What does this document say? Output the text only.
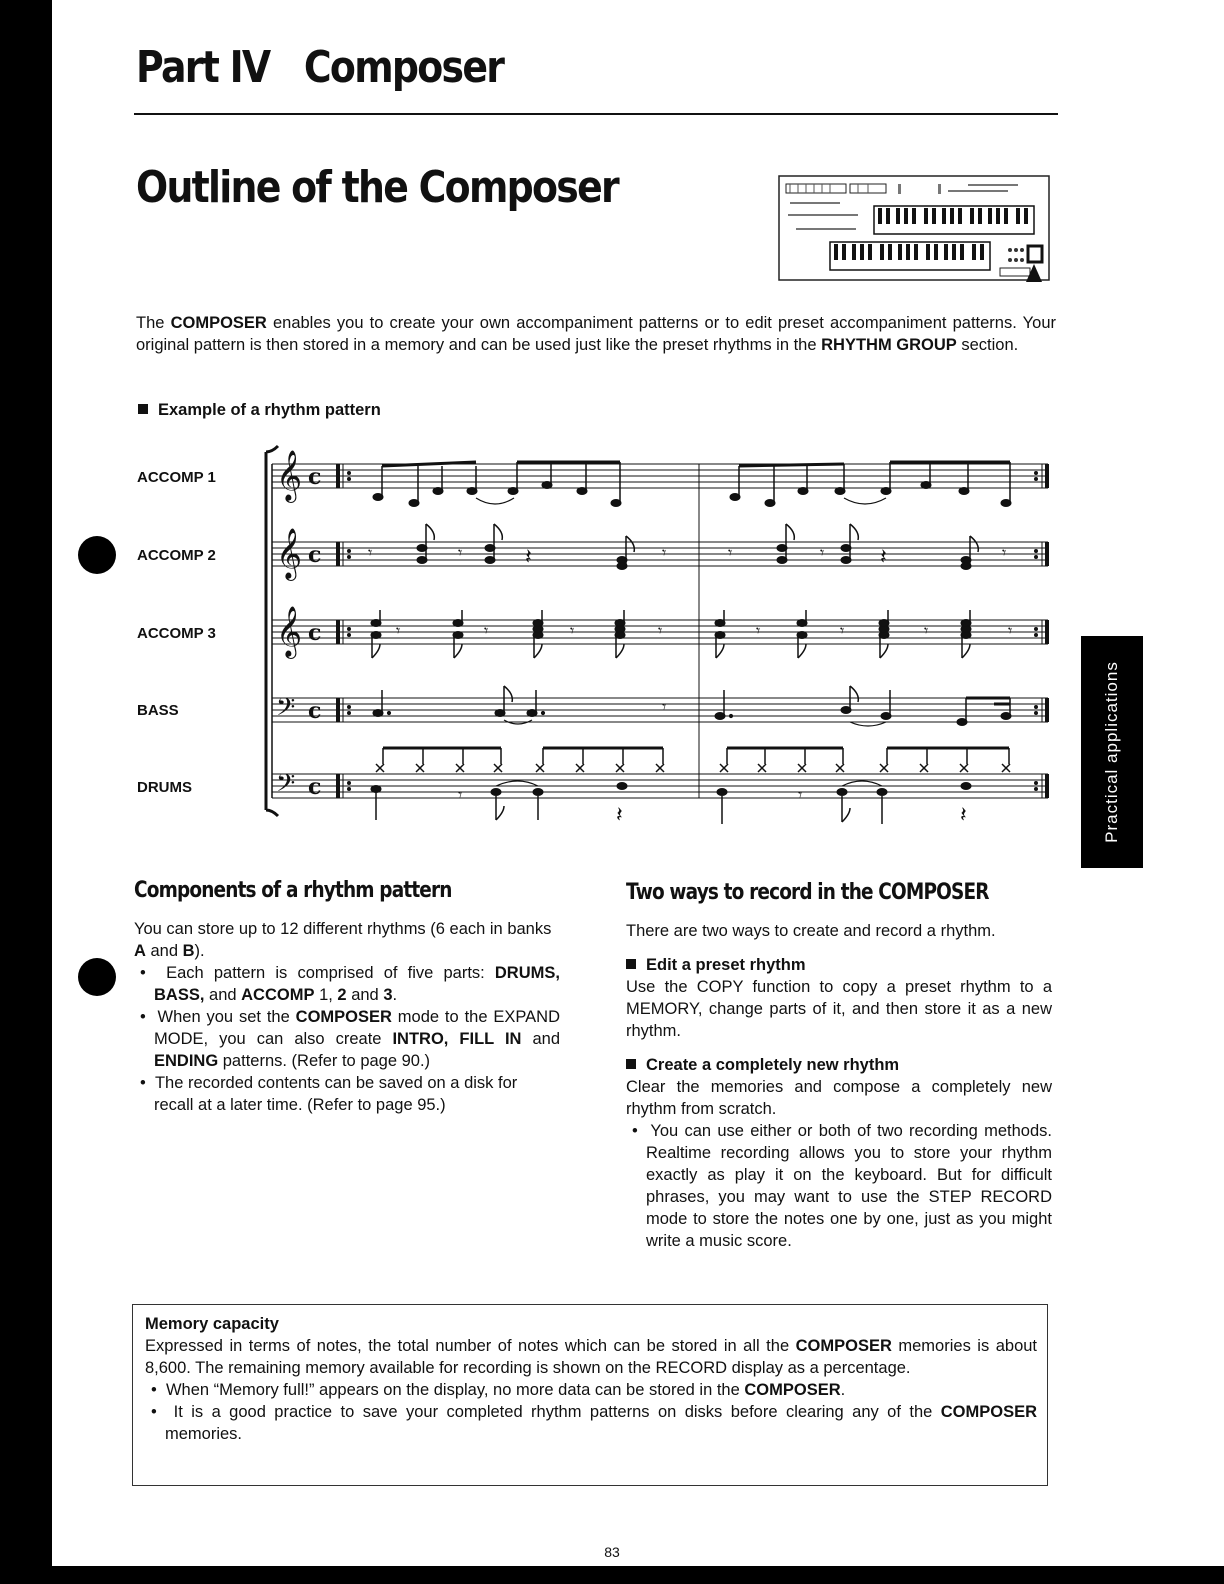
Practical applications
Part IV   Composer
Outline of the Composer
The COMPOSER enables you to create your own accompaniment patterns or to edit preset accompaniment patterns. Your original pattern is then stored in a memory and can be used just like the preset rhythms in the RHYTHM GROUP section.
Example of a rhythm pattern
ACCOMP 1
ACCOMP 2
ACCOMP 3
BASS
DRUMS
𝄞
𝄞
𝄞
𝄢
𝄢
c
c
c
c
c
𝄾	𝄾	𝄾	𝄾	𝄾	𝄾
𝄽	𝄽
𝄾	𝄾	𝄾	𝄾	𝄾	𝄾	𝄾	𝄾
𝄾
𝄾
𝄽
𝄾
𝄽
Components of a rhythm pattern
You can store up to 12 different rhythms (6 each in banks A and B).
•  Each pattern is comprised of five parts: DRUMS, BASS, and ACCOMP 1, 2 and 3.
•  When you set the COMPOSER mode to the EXPAND MODE, you can also create INTRO, FILL IN and ENDING patterns. (Refer to page 90.)
•  The recorded contents can be saved on a disk for recall at a later time. (Refer to page 95.)
Two ways to record in the COMPOSER
There are two ways to create and record a rhythm.
Edit a preset rhythm
Use the COPY function to copy a preset rhythm to a MEMORY, change parts of it, and then store it as a new rhythm.
Create a completely new rhythm
Clear the memories and compose a completely new rhythm from scratch.
•  You can use either or both of two recording methods. Realtime recording allows you to store your rhythm exactly as play it on the keyboard. But for difficult phrases, you may want to use the STEP RECORD mode to store the notes one by one, just as you might write a music score.
Memory capacity
Expressed in terms of notes, the total number of notes which can be stored in all the COMPOSER memories is about 8,600. The remaining memory available for recording is shown on the RECORD display as a percentage.
•  When “Memory full!” appears on the display, no more data can be stored in the COMPOSER.
•  It is a good practice to save your completed rhythm patterns on disks before clearing any of the COMPOSER memories.
83
